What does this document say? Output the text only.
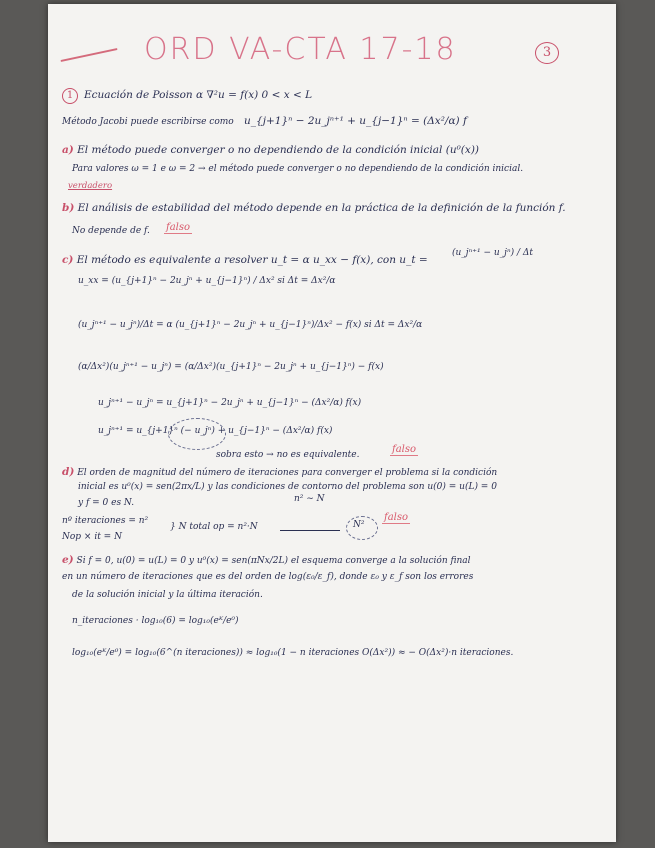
ORD VA-CTA 17-18	3
1	Ecuación de Poisson α ∇²u = f(x) 0 < x < L
Método Jacobi puede escribirse como u_{j+1}ⁿ − 2u_jⁿ⁺¹ + u_{j−1}ⁿ = (Δx²/α) f
a) El método puede converger o no dependiendo de la condición inicial (u⁰(x))
Para valores ω = 1 e ω = 2 → el método puede converger o no dependiendo de la condición inicial.
verdadero
b) El análisis de estabilidad del método depende en la práctica de la definición de la función f.
No depende de f. falso
c) El método es equivalente a resolver u_t = α u_xx − f(x), con u_t =
(u_jⁿ⁺¹ − u_jⁿ) / Δt
u_xx = (u_{j+1}ⁿ − 2u_jⁿ + u_{j−1}ⁿ) / Δx² si Δt = Δx²/α
(u_jⁿ⁺¹ − u_jⁿ)/Δt = α (u_{j+1}ⁿ − 2u_jⁿ + u_{j−1}ⁿ)/Δx² − f(x) si Δt = Δx²/α
(α/Δx²)(u_jⁿ⁺¹ − u_jⁿ) = (α/Δx²)(u_{j+1}ⁿ − 2u_jⁿ + u_{j−1}ⁿ) − f(x)
u_jⁿ⁺¹ − u_jⁿ = u_{j+1}ⁿ − 2u_jⁿ + u_{j−1}ⁿ − (Δx²/α) f(x)
u_jⁿ⁺¹ = u_{j+1}ⁿ (− u_jⁿ) + u_{j−1}ⁿ − (Δx²/α) f(x)
sobra esto → no es equivalente.	falso
d) El orden de magnitud del número de iteraciones para converger el problema si la condición
inicial es u⁰(x) = sen(2πx/L) y las condiciones de contorno del problema son u(0) = u(L) = 0
y f = 0 es N.	n² ∼ N
nº iteraciones = n²
Nop × it = N
} N total op = n²·N	N²
falso
e) Si f = 0, u(0) = u(L) = 0 y u⁰(x) = sen(πNx/2L) el esquema converge a la solución final
en un número de iteraciones que es del orden de log(ε₀/ε_f), donde ε₀ y ε_f son los errores
de la solución inicial y la última iteración.
n_iteraciones · log₁₀(6) = log₁₀(eᴷ/e⁰)
log₁₀(eᴷ/e⁰) = log₁₀(6^(n iteraciones)) ≈ log₁₀(1 − n iteraciones O(Δx²)) ≈ − O(Δx²)·n iteraciones.
